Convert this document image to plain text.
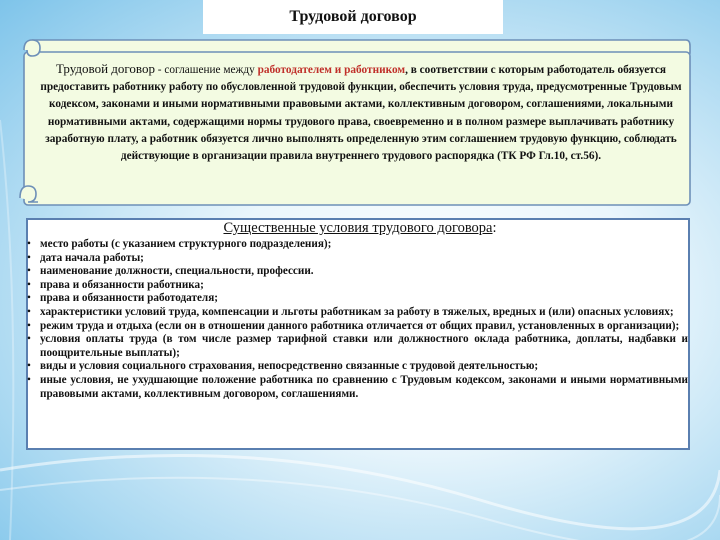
Трудовой договор
Трудовой договор - соглашение между работодателем и работником, в соответствии с которым работодатель обязуется предоставить работнику работу по обусловленной трудовой функции, обеспечить условия труда, предусмотренные Трудовым кодексом, законами и иными нормативными правовыми актами, коллективным договором, соглашениями, локальными нормативными актами, содержащими нормы трудового права, своевременно и в полном размере выплачивать работнику заработную плату, а работник обязуется лично выполнять определенную этим соглашением трудовую функцию, соблюдать действующие в организации правила внутреннего трудового распорядка (ТК РФ Гл.10, ст.56).
Существенные условия трудового договора:
• место работы (с указанием структурного подразделения);
• дата начала работы;
• наименование должности, специальности, профессии.
• права и обязанности работника;
• права и обязанности работодателя;
• характеристики условий труда, компенсации и льготы работникам за работу в тяжелых, вредных и (или) опасных условиях;
• режим труда и отдыха (если он в отношении данного работника отличается от общих правил, установленных в организации);
• условия оплаты труда (в том числе размер тарифной ставки или должностного оклада работника, доплаты, надбавки и поощрительные выплаты);
• виды и условия социального страхования, непосредственно связанные с трудовой деятельностью;
• иные условия, не ухудшающие положение работника по сравнению с Трудовым кодексом, законами и иными нормативными правовыми актами, коллективным договором, соглашениями.
